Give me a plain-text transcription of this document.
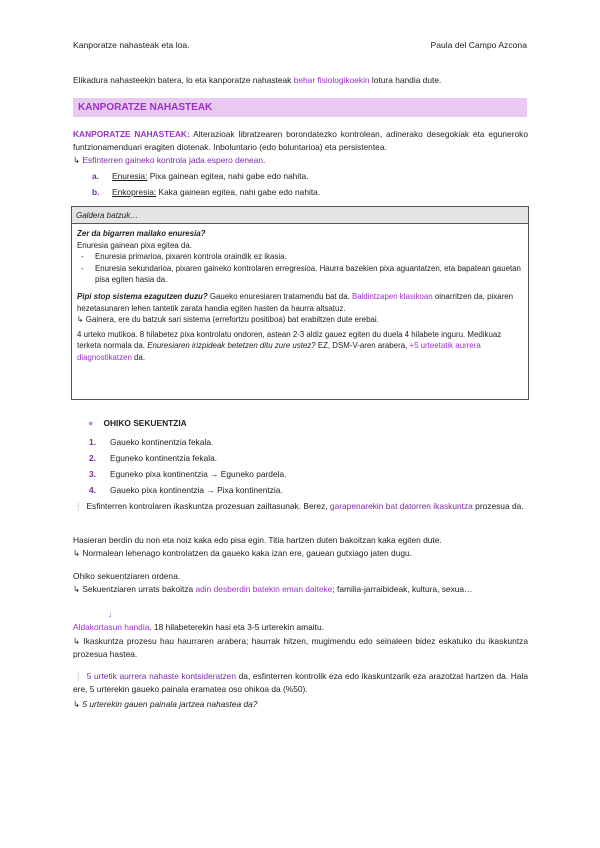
Kanporatze nahasteak eta loa.	Paula del Campo Azcona
Elikadura nahasteekin batera, lo eta kanporatze nahasteak behar fisiologikoekin lotura handia dute.
KANPORATZE NAHASTEAK
KANPORATZE NAHASTEAK: Alterazioak libratzearen borondatezko kontrolean, adinerako desegokiak eta eguneroko funtzionamenduari eragiten diotenak. Inboluntario (edo boluntarioa) eta persistentea.
↳ Esfinterren gaineko kontrola jada espero denean.
a. Enuresia: Pixa gainean egitea, nahi gabe edo nahita.
b. Enkopresia: Kaka gainean egitea, nahi gabe edo nahita.
Galdera batzuk…
Zer da bigarren mailako enuresia?
Enuresia gainean pixa egitea da.
- Enuresia primarioa, pixaren kontrola oraindik ez ikasia.
- Enuresia sekundarioa, pixaren gaineko kontrolaren erregresioa. Haurra bazekien pixa aguantatzen, eta bapatean gauetan pisa egiten hasia da.

Pipi stop sistema ezagutzen duzu? Gaueko enuresiaren tratamendu bat da. Baldintzapen klasikoan oinarritzen da, pixaren hezetasunaren lehen tantetik zarata handia egiten hasten da haurra altsatuz.
↳ Gainera, ere du batzuk sari sistema (errefortzu positiboa) bat erabiltzen dute erebai.

4 urteko mutikoa. 8 hilabetez pixa kontrolatu ondoren, astean 2-3 aldiz gauez egiten du duela 4 hilabete inguru. Medikuaz terketa normala da. Enuresiaren irizpideak betetzen ditu zure ustez? EZ, DSM-V-aren arabera, +5 urteetatik aurrera diagnostikatzen da.

● OHIKO SEKUENTZIA
1. Gaueko kontinentzia fekala.
2. Eguneko kontinentzia fekala.
3. Eguneko pixa kontinentzia → Eguneko pardela.
4. Gaueko pixa kontinentzia → Pixa kontinentzia.
❕ Esfinterren kontrolaren ikaskuntza prozesuan zailtasunak. Berez, garapenarekin bat datorren ikaskuntza prozesua da.
Hasieran berdin du non eta noiz kaka edo pisa egin. Titia hartzen duten bakoitzan kaka egiten dute.
↳ Normalean lehenago kontrolatzen da gaueko kaka izan ere, gauean gutxiago jaten dugu.
Ohiko sekuentziaren ordena.
↳ Sekuentziaren urrats bakoitza adin desberdin batekin eman daiteke; familia-jarraibideak, kultura, sexua…
↓
Aldakortasun handia, 18 hilabeterekin hasi eta 3-5 urterekin amaitu.
↳ Ikaskuntza prozesu hau haurraren arabera; haurrak hitzen, mugimendu edo seinaleen bidez eskatuko du ikaskuntza prozesua hastea.
❕ 5 urtetik aurrera nahaste kontsideratzen da, esfinterren kontrolik eza edo ikaskuntzarik eza arazotzat hartzen da. Hala ere, 5 urterekin gaueko painala eramatea oso ohikoa da (%50).
↳ 5 urterekin gauen painala jartzea nahastea da?
